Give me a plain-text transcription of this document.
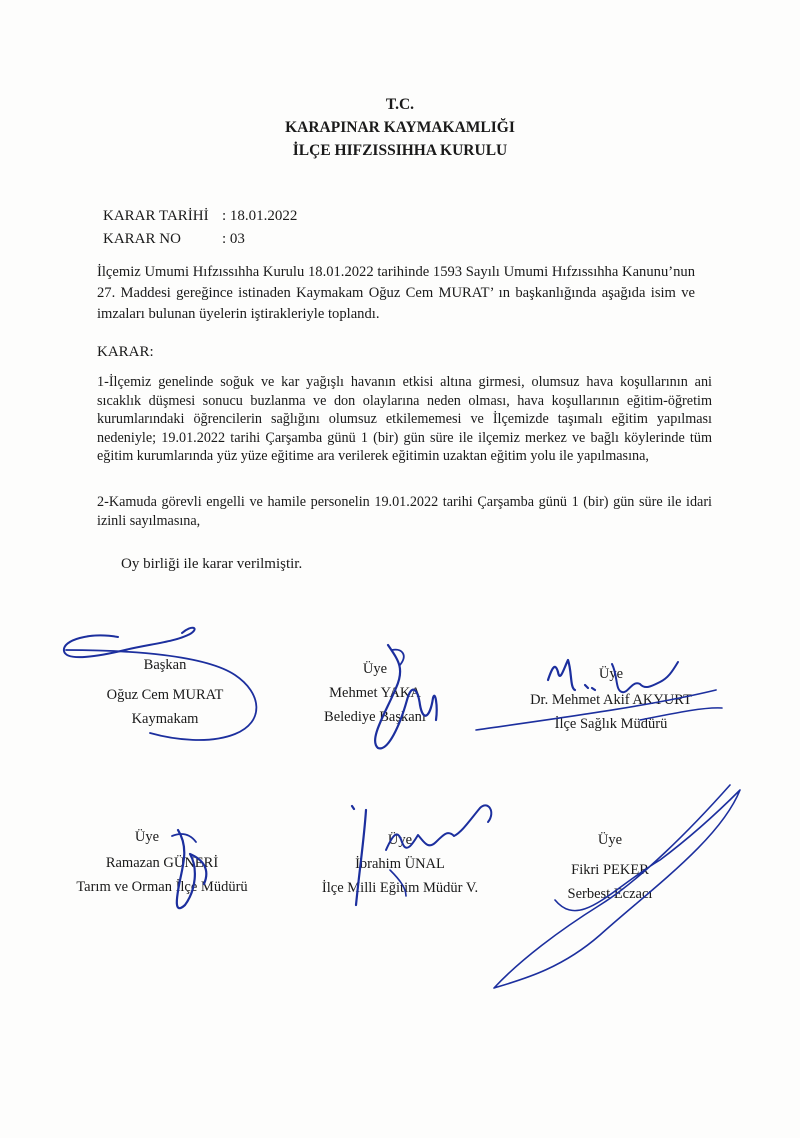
T.C.
KARAPINAR KAYMAKAMLIĞI
İLÇE HIFZISSIHHA KURULU
KARAR TARİHİ : 18.01.2022
KARAR NO	: 03
İlçemiz Umumi Hıfzıssıhha Kurulu 18.01.2022 tarihinde 1593 Sayılı Umumi Hıfzıssıhha Kanunu’nun 27. Maddesi gereğince istinaden Kaymakam Oğuz Cem MURAT’ ın başkanlığında aşağıda isim ve imzaları bulunan üyelerin iştirakleriyle toplandı.
KARAR:
1-İlçemiz genelinde soğuk ve kar yağışlı havanın etkisi altına girmesi, olumsuz hava koşullarının ani sıcaklık düşmesi sonucu buzlanma ve don olaylarına neden olması, hava koşullarının eğitim-öğretim kurumlarındaki öğrencilerin sağlığını olumsuz etkilememesi ve İlçemizde taşımalı eğitim yapılması nedeniyle; 19.01.2022 tarihi Çarşamba günü 1 (bir) gün süre ile ilçemiz merkez ve bağlı köylerinde tüm eğitim kurumlarında yüz yüze eğitime ara verilerek eğitimin uzaktan eğitim yolu ile yapılmasına,
2-Kamuda görevli engelli ve hamile personelin 19.01.2022 tarihi Çarşamba günü 1 (bir) gün süre ile idari izinli sayılmasına,
Oy birliği ile karar verilmiştir.
Başkan
Oğuz Cem MURAT
Kaymakam
Üye
Mehmet YAKA
Belediye Başkanı
Üye
Dr. Mehmet Akif AKYURT
İlçe Sağlık Müdürü
Üye
Ramazan GÜNERİ
Tarım ve Orman İlçe Müdürü
Üye
İbrahim ÜNAL
İlçe Milli Eğitim Müdür V.
Üye
Fikri PEKER
Serbest Eczacı
